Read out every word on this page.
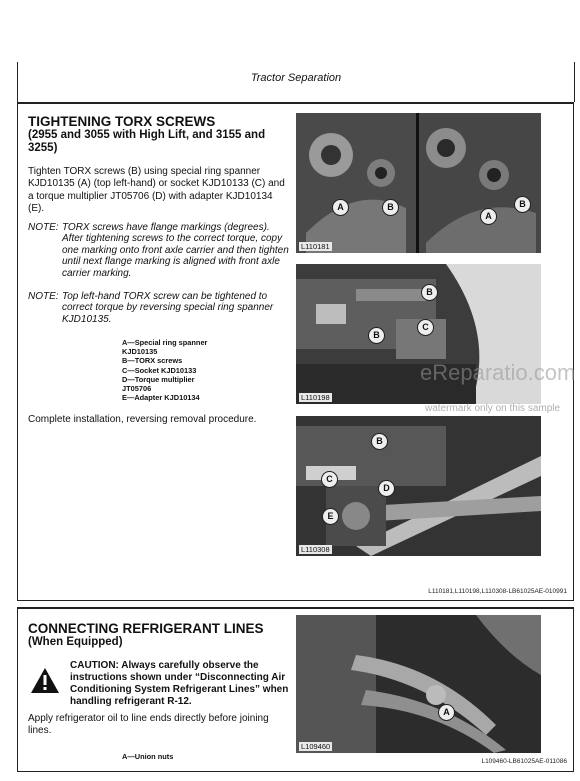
Tractor Separation
TIGHTENING TORX SCREWS
(2955 and 3055 with High Lift, and 3155 and 3255)
Tighten TORX screws (B) using special ring spanner KJD10135 (A) (top left-hand) or socket KJD10133 (C) and a torque multiplier JT05706 (D) with adapter KJD10134 (E).
NOTE: TORX screws have flange markings (degrees). After tightening screws to the correct torque, copy one marking onto front axle carrier and then tighten until next flange marking is aligned with front axle carrier marking.
NOTE: Top left-hand TORX screw can be tightened to correct torque by reversing special ring spanner KJD10135.
A—Special ring spanner
KJD10135
B—TORX screws
C—Socket KJD10133
D—Torque multiplier
JT05706
E—Adapter KJD10134
Complete installation, reversing removal procedure.
A	B
A
B
L110181
B
B
C
L110198
B
C
D
E
L110308
L110181,L110198,L110308-LB61025AE-010991
eReparatio.com
watermark only on this sample
CONNECTING REFRIGERANT LINES
(When Equipped)
CAUTION: Always carefully observe the instructions shown under “Disconnecting Air Conditioning System Refrigerant Lines” when handling refrigerant R-12.
Apply refrigerator oil to line ends directly before joining lines.
A—Union nuts
A
L109460
L109460-LB61025AE-011086
